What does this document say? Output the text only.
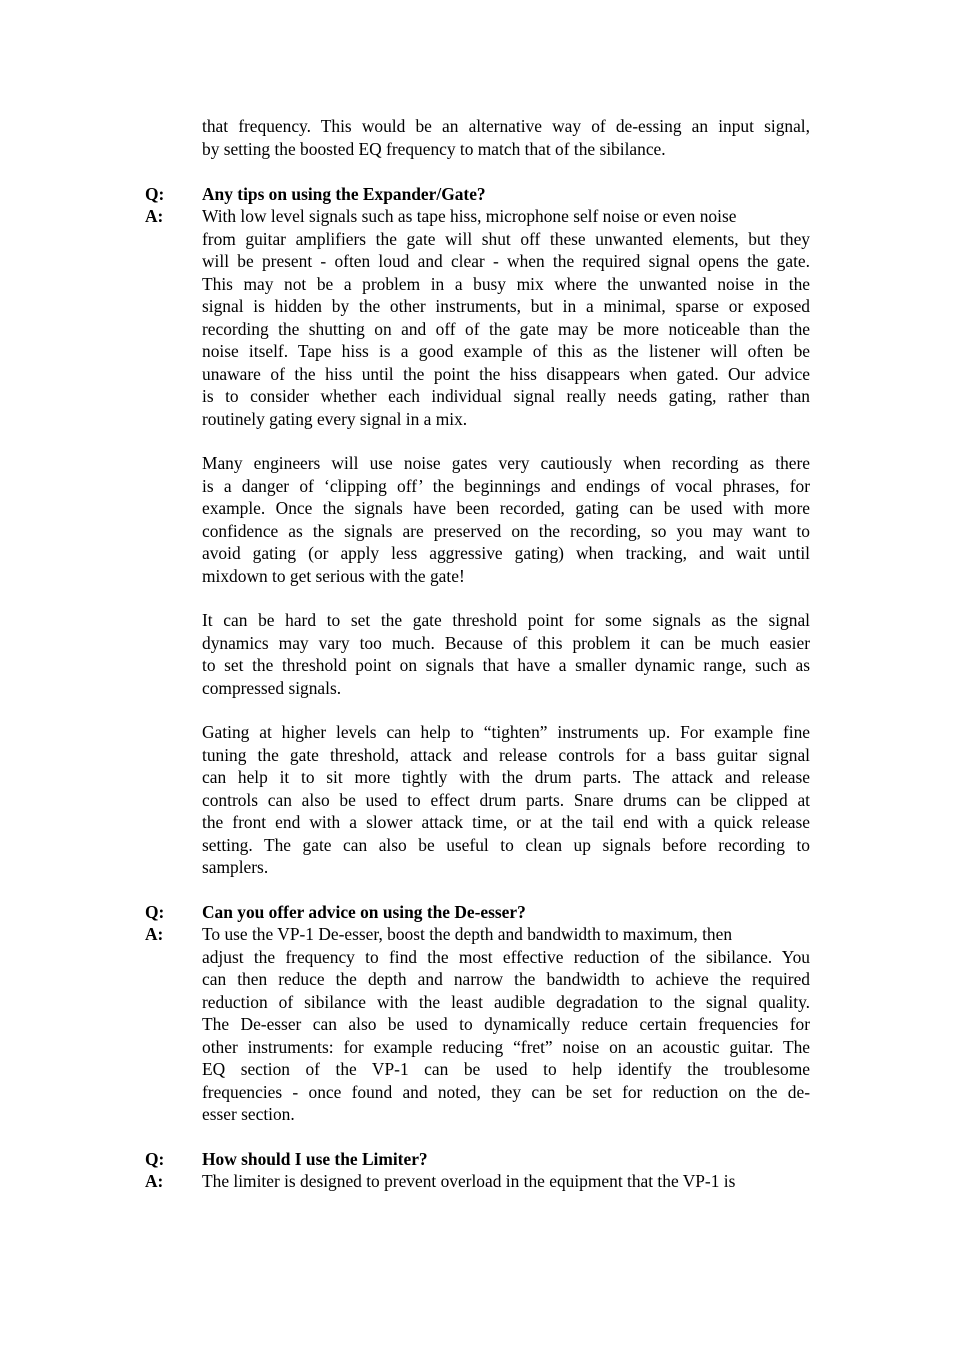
that frequency. This would be an alternative way of de-essing an input signal,
by setting the boosted EQ frequency to match that of the sibilance.

Q: Any tips on using the Expander/Gate?
A: With low level signals such as tape hiss, microphone self noise or even noise
from guitar amplifiers the gate will shut off these unwanted elements, but they
will be present - often loud and clear - when the required signal opens the gate.
This may not be a problem in a busy mix where the unwanted noise in the
signal is hidden by the other instruments, but in a minimal, sparse or exposed
recording the shutting on and off of the gate may be more noticeable than the
noise itself. Tape hiss is a good example of this as the listener will often be
unaware of the hiss until the point the hiss disappears when gated. Our advice
is to consider whether each individual signal really needs gating, rather than
routinely gating every signal in a mix.

Many engineers will use noise gates very cautiously when recording as there
is a danger of ‘clipping off’ the beginnings and endings of vocal phrases, for
example. Once the signals have been recorded, gating can be used with more
confidence as the signals are preserved on the recording, so you may want to
avoid gating (or apply less aggressive gating) when tracking, and wait until
mixdown to get serious with the gate!

It can be hard to set the gate threshold point for some signals as the signal
dynamics may vary too much. Because of this problem it can be much easier
to set the threshold point on signals that have a smaller dynamic range, such as
compressed signals.

Gating at higher levels can help to “tighten” instruments up. For example fine
tuning the gate threshold, attack and release controls for a bass guitar signal
can help it to sit more tightly with the drum parts. The attack and release
controls can also be used to effect drum parts. Snare drums can be clipped at
the front end with a slower attack time, or at the tail end with a quick release
setting. The gate can also be useful to clean up signals before recording to
samplers.

Q: Can you offer advice on using the De-esser?
A: To use the VP-1 De-esser, boost the depth and bandwidth to maximum, then
adjust the frequency to find the most effective reduction of the sibilance. You
can then reduce the depth and narrow the bandwidth to achieve the required
reduction of sibilance with the least audible degradation to the signal quality.
The De-esser can also be used to dynamically reduce certain frequencies for
other instruments: for example reducing “fret” noise on an acoustic guitar. The
EQ section of the VP-1 can be used to help identify the troublesome
frequencies - once found and noted, they can be set for reduction on the de-
esser section.

Q: How should I use the Limiter?
A: The limiter is designed to prevent overload in the equipment that the VP-1 is
